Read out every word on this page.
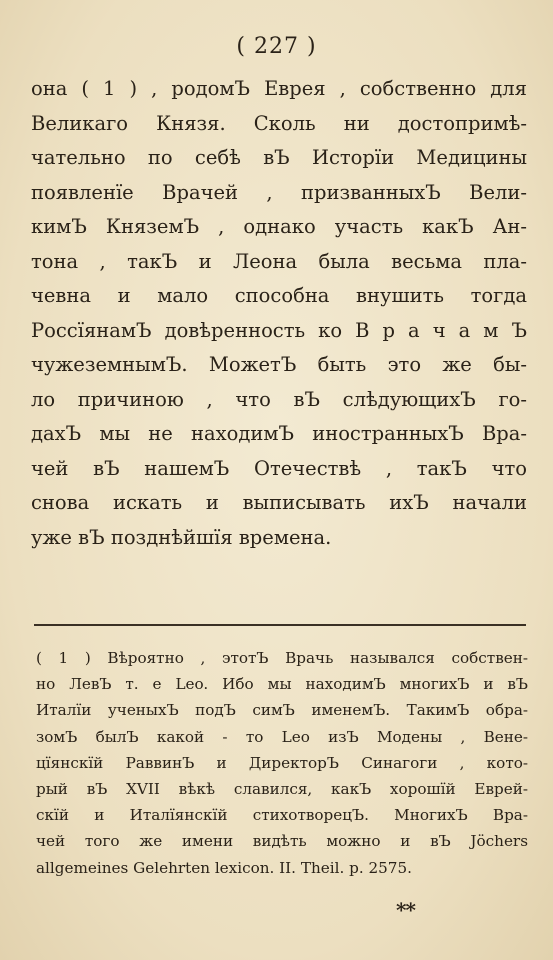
( 227 )
она ( 1 ) , родомЪ Еврея , собственно для
Великаго Князя. Сколь ни достопримѣ-
чательно по себѣ вЪ Исторїи Медицины
появленїе Врачей , призванныхЪ Вели-
кимЪ КняземЪ , однако участь какЪ Ан-
тона , такЪ и Леона была весьма пла-
чевна и мало способна внушить тогда
РоссїянамЪ довѣренность ко В р а ч а м Ъ
чужеземнымЪ. МожетЪ быть это же бы-
ло причиною , что вЪ слѣдующихЪ го-
дахЪ мы не находимЪ иностранныхЪ Вра-
чей вЪ нашемЪ Отечествѣ , такЪ что
снова искать и выписывать ихЪ начали
уже вЪ позднѣйшїя времена.
( 1 ) Вѣроятно , этотЪ Врачь назывался собствен-
но ЛевЪ т. е Leo. Ибо мы находимЪ многихЪ и вЪ
Италїи ученыхЪ подЪ симЪ именемЪ. ТакимЪ обра-
зомЪ былЪ какой - то Leo изЪ Модены , Вене-
цїянскїй РаввинЪ и ДиректорЪ Синагоги , кото-
рый вЪ XVII вѣкѣ славился, какЪ хорошїй Еврей-
скїй и Италїянскїй стихотворецЪ. МногихЪ Вра-
чей того же имени видѣть можно и вЪ Jöchers
allgemeines Gelehrten lexicon. II. Theil. p. 2575.
**
